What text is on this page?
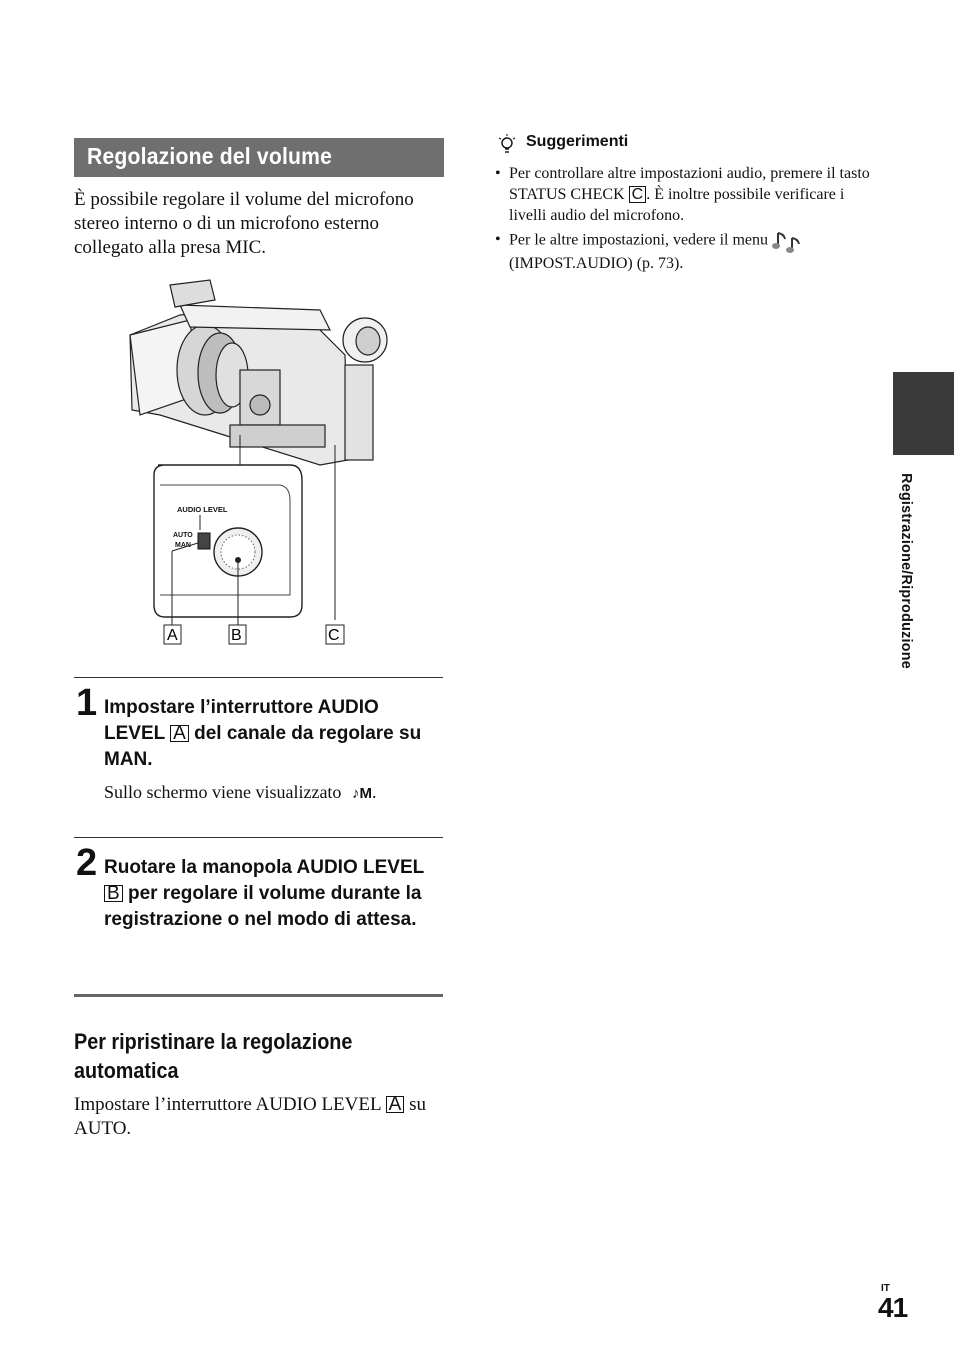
Regolazione del volume
È possibile regolare il volume del microfono stereo interno o di un microfono esterno collegato alla presa MIC.
AUDIO LEVEL
AUTO
MAN
A	B	C
1 Impostare l’interruttore AUDIO LEVEL A del canale da regolare su MAN.
Sullo schermo viene visualizzato ♪M.
2 Ruotare la manopola AUDIO LEVEL B per regolare il volume durante la registrazione o nel modo di attesa.
Per ripristinare la regolazione automatica
Impostare l’interruttore AUDIO LEVEL A su AUTO.
Suggerimenti
• Per controllare altre impostazioni audio, premere il tasto STATUS CHECK C . È inoltre possibile verificare i livelli audio del microfono.
• Per le altre impostazioni, vedere il menu  (IMPOST.AUDIO) (p. 73).
Registrazione/Riproduzione
IT
41
